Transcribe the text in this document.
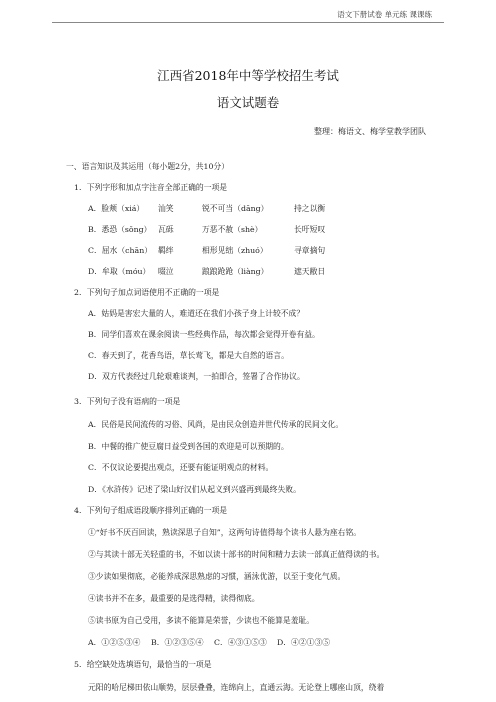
语文下册试卷 单元练 课课练
江西省2018年中等学校招生考试
语文试题卷
整理：梅语文、梅学堂教学团队
一、语言知识及其运用（每小题2分，共10分）
1．下列字形和加点字注音全部正确的一项是
A．脸颊（xiá）	汕笑	锐不可当（dāng）	持之以衡
B．悉恐（sǒng） 瓦砾	万恶不赦（shè）	长吁短叹
C．屈水（chān） 羁绊	相形见绌（zhuó）	寻章摘句
D．牟取（móu） 啜泣	踉踉跄跄（liàng）	遮天敝日
2．下列句子加点词语使用不正确的一项是
A．姑妈是害宏大量的人，难道还在我们小孩子身上计较不成？
B．同学们喜欢在课余阅读一些经典作品，每次都会觉得开卷有益。
C．春天到了，花香鸟语，草长莺飞，都是大自然的语言。
D．双方代表经过几轮艰难谈判，一拍即合，签署了合作协议。
3．下列句子没有语病的一项是
A．民俗是民间流传的习俗、风尚，是由民众创造并世代传承的民间文化。
B．中餐的推广使豆腐日益受到各国的欢迎是可以预期的。
C．不仅议论要提出观点，还要有能证明观点的材料。
D．《水浒传》记述了梁山好汉们从起义到兴盛再到最终失败。
4．下列句子组成语段顺序排列正确的一项是
①“好书不厌百回读，熟读深思子自知”，这两句诗值得每个读书人悬为座右铭。
②与其读十部无关轻重的书，不如以读十部书的时间和精力去读一部真正值得读的书。
③少读如果彻底，必能养成深思熟虑的习惯，涵泳优游，以至于变化气质。
④读书并不在多，最重要的是选得精，读得彻底。
⑤读书原为自己受用，多读不能算是荣誉，少读也不能算是羞耻。
A．①②⑤③④	B．①②③⑤④	C．④③①⑤③	D．④②①③⑤
5．给空缺处选填语句，最恰当的一项是
元阳的哈尼梯田依山顺势，层层叠叠，连绵向上，直通云海。无论登上哪座山顶，绕着
